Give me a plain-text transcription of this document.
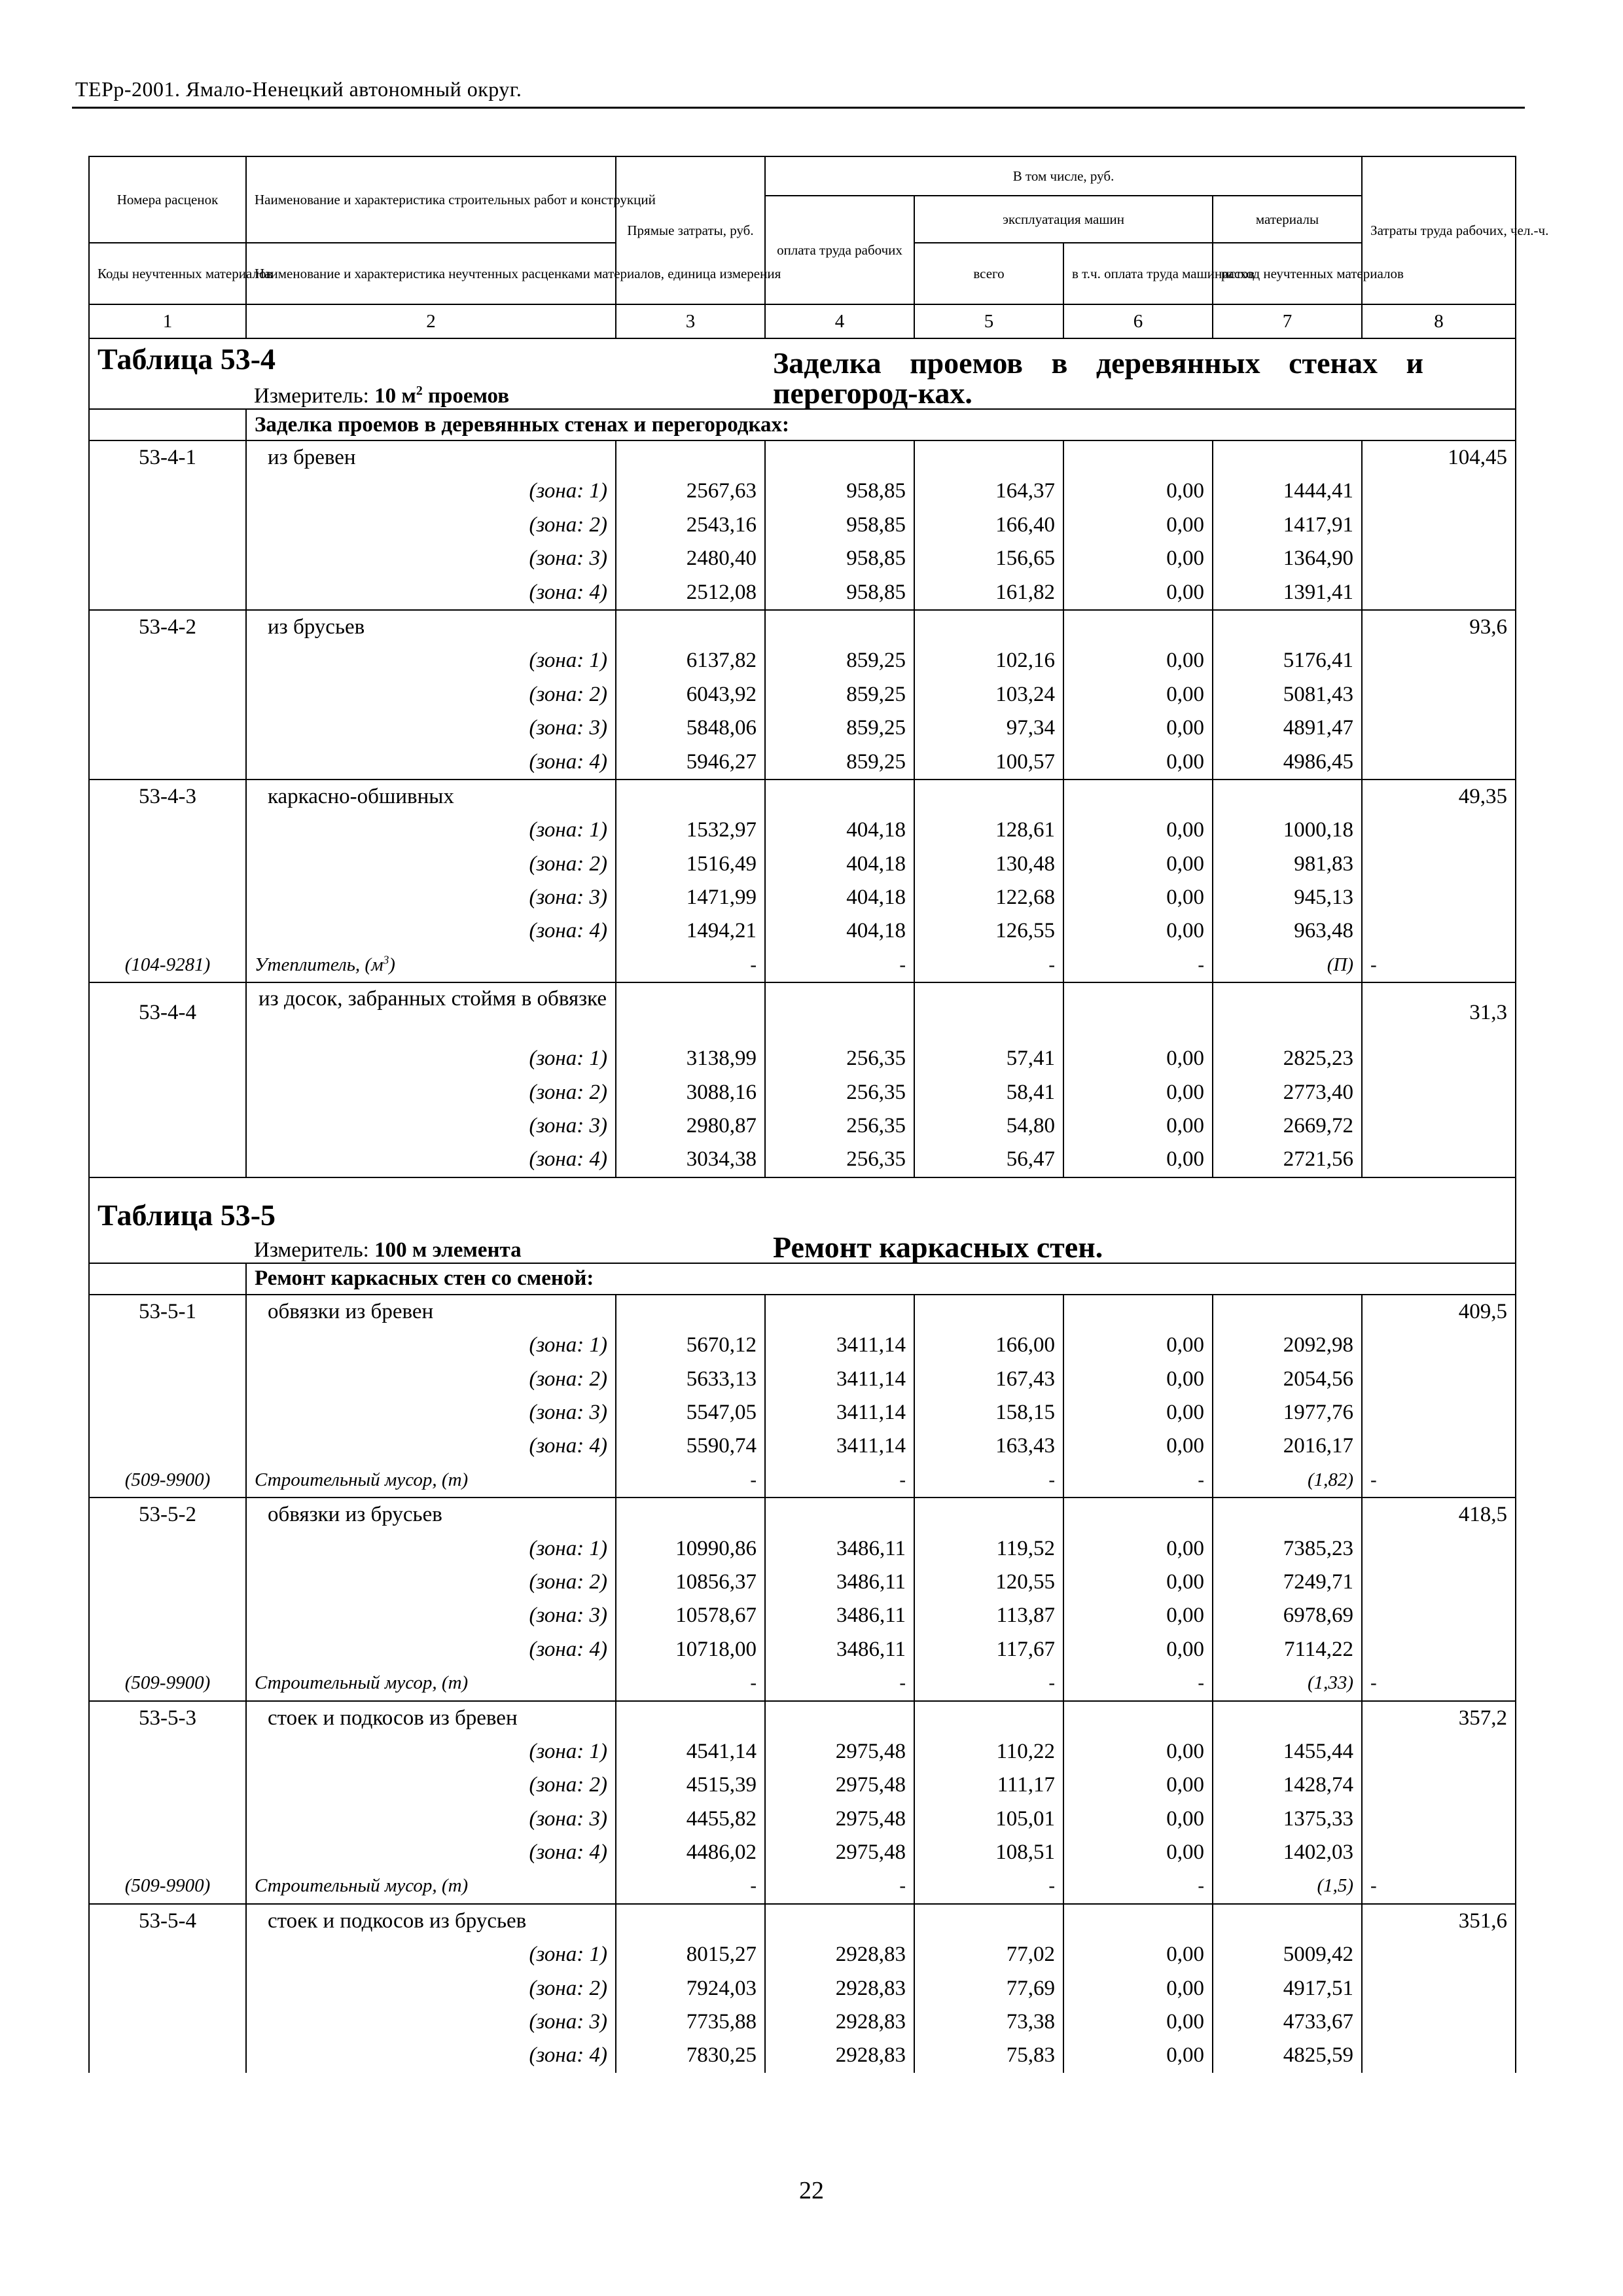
ТЕРр-2001. Ямало-Ненецкий автономный округ.
Номера расценок	Наименование и характеристика строительных работ и конструкций	Прямые затраты, руб.	В том числе, руб.				Затраты труда рабочих, чел.-ч.
			оплата труда рабочих	эксплуатация машин		материалы	
Коды неучтенных материалов	Наименование и характеристика неучтенных расценками материалов, единица измерения			всего	в т.ч. оплата труда машинистов	расход неучтенных материалов	
1	2	3	4	5	6	7	8
Таблица 53-4			Заделка проемов в деревянных стенах и перегород-ках.				
	Измеритель: 10 $м^2$ проемов						
	Заделка проемов в деревянных стенах и перегородках:						
53-4-1	из бревен						104,45
	(зона: 1)	2567,63	958,85	164,37	0,00	1444,41	
	(зона: 2)	2543,16	958,85	166,40	0,00	1417,91	
	(зона: 3)	2480,40	958,85	156,65	0,00	1364,90	
	(зона: 4)	2512,08	958,85	161,82	0,00	1391,41	
53-4-2	из брусьев						93,6
	(зона: 1)	6137,82	859,25	102,16	0,00	5176,41	
	(зона: 2)	6043,92	859,25	103,24	0,00	5081,43	
	(зона: 3)	5848,06	859,25	97,34	0,00	4891,47	
	(зона: 4)	5946,27	859,25	100,57	0,00	4986,45	
53-4-3	каркасно-обшивных						49,35
	(зона: 1)	1532,97	404,18	128,61	0,00	1000,18	
	(зона: 2)	1516,49	404,18	130,48	0,00	981,83	
	(зона: 3)	1471,99	404,18	122,68	0,00	945,13	
	(зона: 4)	1494,21	404,18	126,55	0,00	963,48	
(104-9281)	Утеплитель, $(м^3)$	-	-	-	-	(П)	-
53-4-4	из досок, забранных стоймя в обвязке						31,3
	(зона: 1)	3138,99	256,35	57,41	0,00	2825,23	
	(зона: 2)	3088,16	256,35	58,41	0,00	2773,40	
	(зона: 3)	2980,87	256,35	54,80	0,00	2669,72	
	(зона: 4)	3034,38	256,35	56,47	0,00	2721,56	

Таблица 53-5			Ремонт каркасных стен.				
	Измеритель: 100 м элемента						
	Ремонт каркасных стен со сменой:						
53-5-1	обвязки из бревен						409,5
	(зона: 1)	5670,12	3411,14	166,00	0,00	2092,98	
	(зона: 2)	5633,13	3411,14	167,43	0,00	2054,56	
	(зона: 3)	5547,05	3411,14	158,15	0,00	1977,76	
	(зона: 4)	5590,74	3411,14	163,43	0,00	2016,17	
(509-9900)	Строительный мусор, (т)	-	-	-	-	(1,82)	-
53-5-2	обвязки из брусьев						418,5
	(зона: 1)	10990,86	3486,11	119,52	0,00	7385,23	
	(зона: 2)	10856,37	3486,11	120,55	0,00	7249,71	
	(зона: 3)	10578,67	3486,11	113,87	0,00	6978,69	
	(зона: 4)	10718,00	3486,11	117,67	0,00	7114,22	
(509-9900)	Строительный мусор, (т)	-	-	-	-	(1,33)	-
53-5-3	стоек и подкосов из бревен						357,2
	(зона: 1)	4541,14	2975,48	110,22	0,00	1455,44	
	(зона: 2)	4515,39	2975,48	111,17	0,00	1428,74	
	(зона: 3)	4455,82	2975,48	105,01	0,00	1375,33	
	(зона: 4)	4486,02	2975,48	108,51	0,00	1402,03	
(509-9900)	Строительный мусор, (т)	-	-	-	-	(1,5)	-
53-5-4	стоек и подкосов из брусьев						351,6
	(зона: 1)	8015,27	2928,83	77,02	0,00	5009,42	
	(зона: 2)	7924,03	2928,83	77,69	0,00	4917,51	
	(зона: 3)	7735,88	2928,83	73,38	0,00	4733,67	
	(зона: 4)	7830,25	2928,83	75,83	0,00	4825,59	
22
